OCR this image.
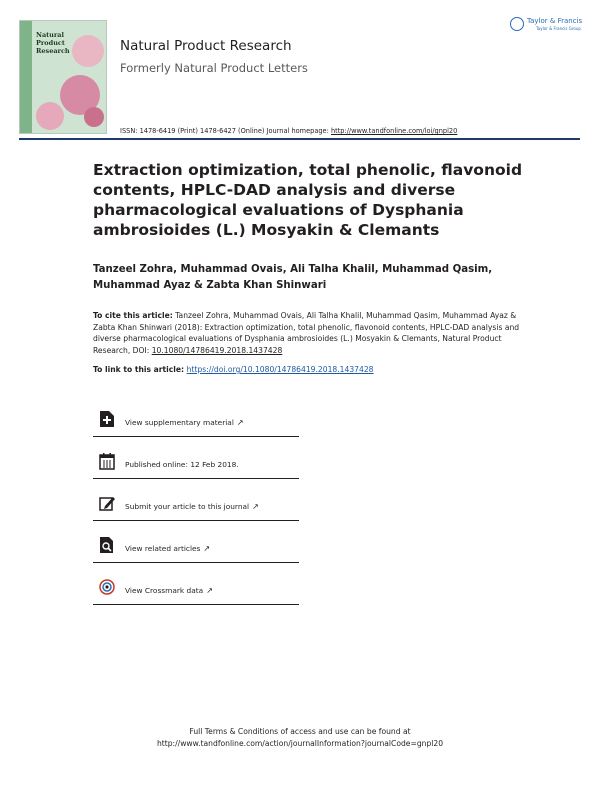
Natural
Product
Research	Natural Product Research
Formerly Natural Product Letters
Taylor & Francis
Taylor & Francis Group
ISSN: 1478-6419 (Print) 1478-6427 (Online) Journal homepage: http://www.tandfonline.com/loi/gnpl20
Extraction optimization, total phenolic, flavonoid contents, HPLC-DAD analysis and diverse pharmacological evaluations of Dysphania ambrosioides (L.) Mosyakin & Clemants
Tanzeel Zohra, Muhammad Ovais, Ali Talha Khalil, Muhammad Qasim, Muhammad Ayaz & Zabta Khan Shinwari
To cite this article: Tanzeel Zohra, Muhammad Ovais, Ali Talha Khalil, Muhammad Qasim, Muhammad Ayaz & Zabta Khan Shinwari (2018): Extraction optimization, total phenolic, flavonoid contents, HPLC-DAD analysis and diverse pharmacological evaluations of Dysphania ambrosioides (L.) Mosyakin & Clemants, Natural Product Research, DOI: 10.1080/14786419.2018.1437428
To link to this article: https://doi.org/10.1080/14786419.2018.1437428
View supplementary material ↗
Published online: 12 Feb 2018.
Submit your article to this journal ↗
View related articles ↗
View Crossmark data ↗
Full Terms & Conditions of access and use can be found at
http://www.tandfonline.com/action/journalInformation?journalCode=gnpl20
